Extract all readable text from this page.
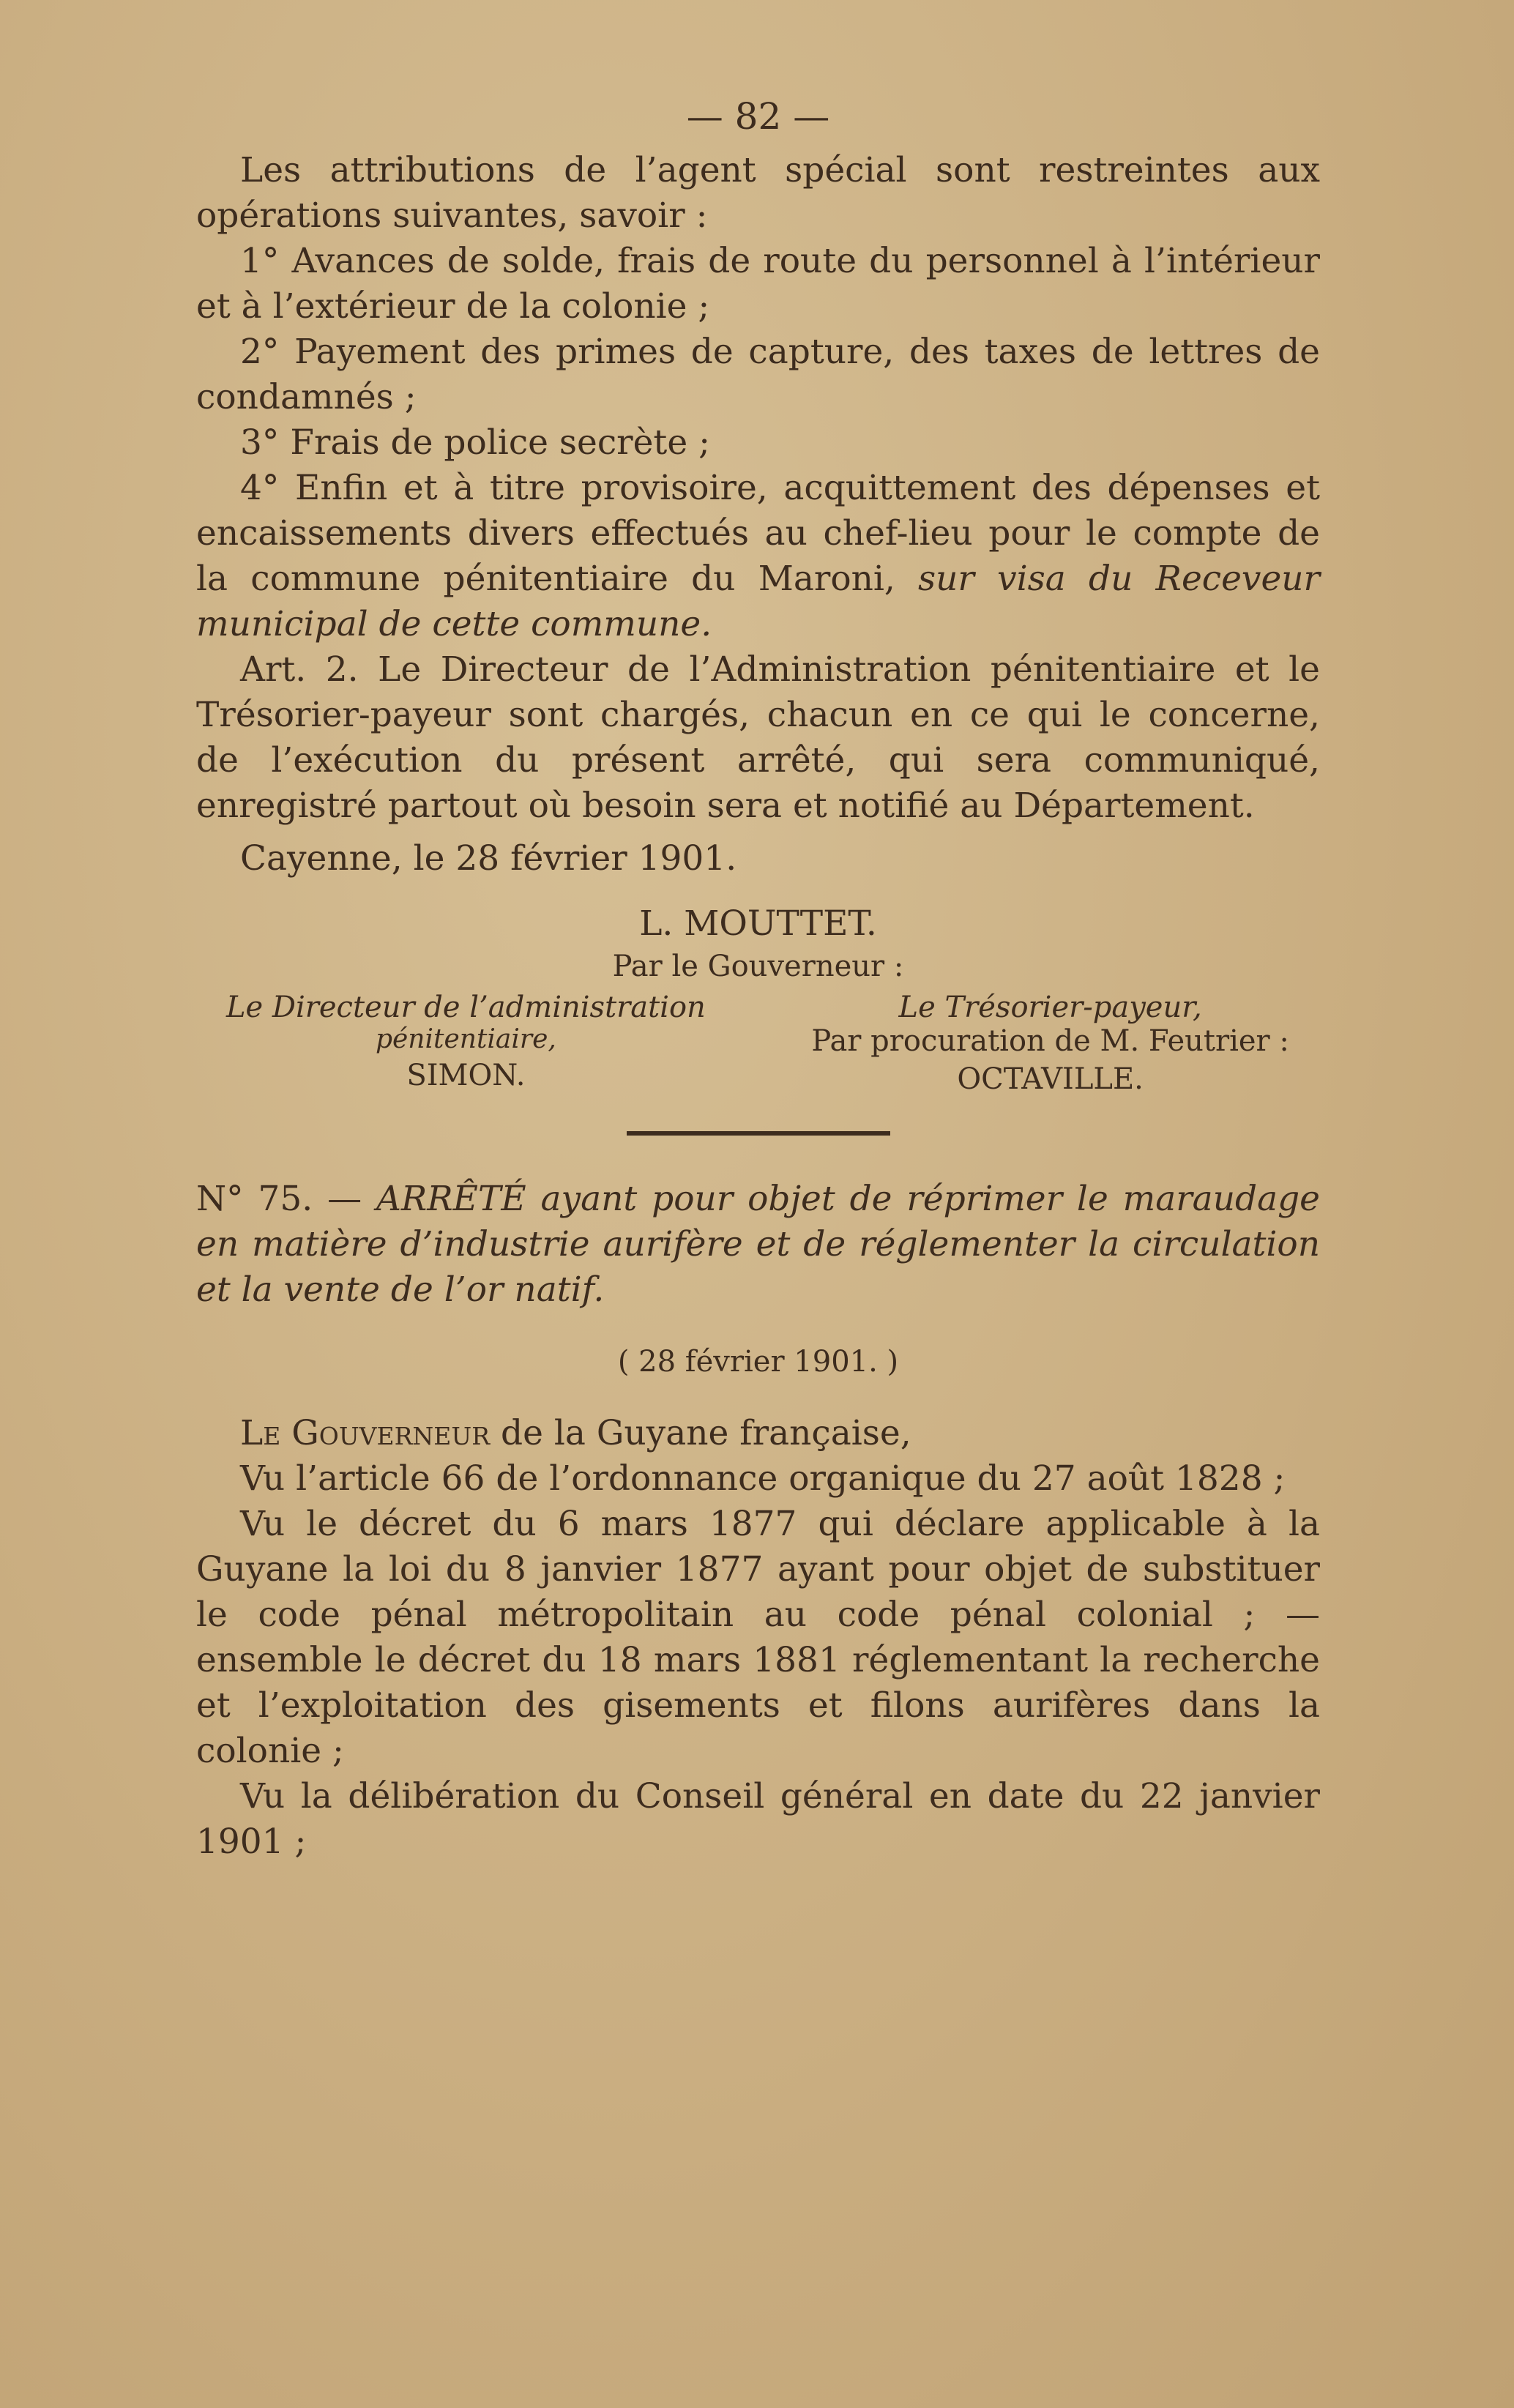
— 82 —

Les attributions de l’agent spécial sont restreintes aux opérations suivantes, savoir :

1° Avances de solde, frais de route du personnel à l’intérieur et à l’extérieur de la colonie ;

2° Payement des primes de capture, des taxes de lettres de condamnés ;

3° Frais de police secrète ;

4° Enfin et à titre provisoire, acquittement des dépenses et encaissements divers effectués au chef-lieu pour le compte de la commune pénitentiaire du Maroni, sur visa du Receveur municipal de cette commune.

Art. 2. Le Directeur de l’Administration pénitentiaire et le Trésorier-payeur sont chargés, chacun en ce qui le concerne, de l’exécution du présent arrêté, qui sera communiqué, enregistré partout où besoin sera et notifié au Département.

Cayenne, le 28 février 1901.

L. MOUTTET.
Par le Gouverneur :
Le Directeur de l’administration
pénitentiaire,
SIMON.
Le Trésorier-payeur,
Par procuration de M. Feutrier :
OCTAVILLE.

N° 75. — ARRÊTÉ ayant pour objet de réprimer le maraudage en matière d’industrie aurifère et de réglementer la circulation et la vente de l’or natif.

( 28 février 1901. )

Le Gouverneur de la Guyane française,

Vu l’article 66 de l’ordonnance organique du 27 août 1828 ;

Vu le décret du 6 mars 1877 qui déclare applicable à la Guyane la loi du 8 janvier 1877 ayant pour objet de substituer le code pénal métropolitain au code pénal colonial ; — ensemble le décret du 18 mars 1881 réglementant la recherche et l’exploitation des gisements et filons aurifères dans la colonie ;

Vu la délibération du Conseil général en date du 22 janvier 1901 ;
